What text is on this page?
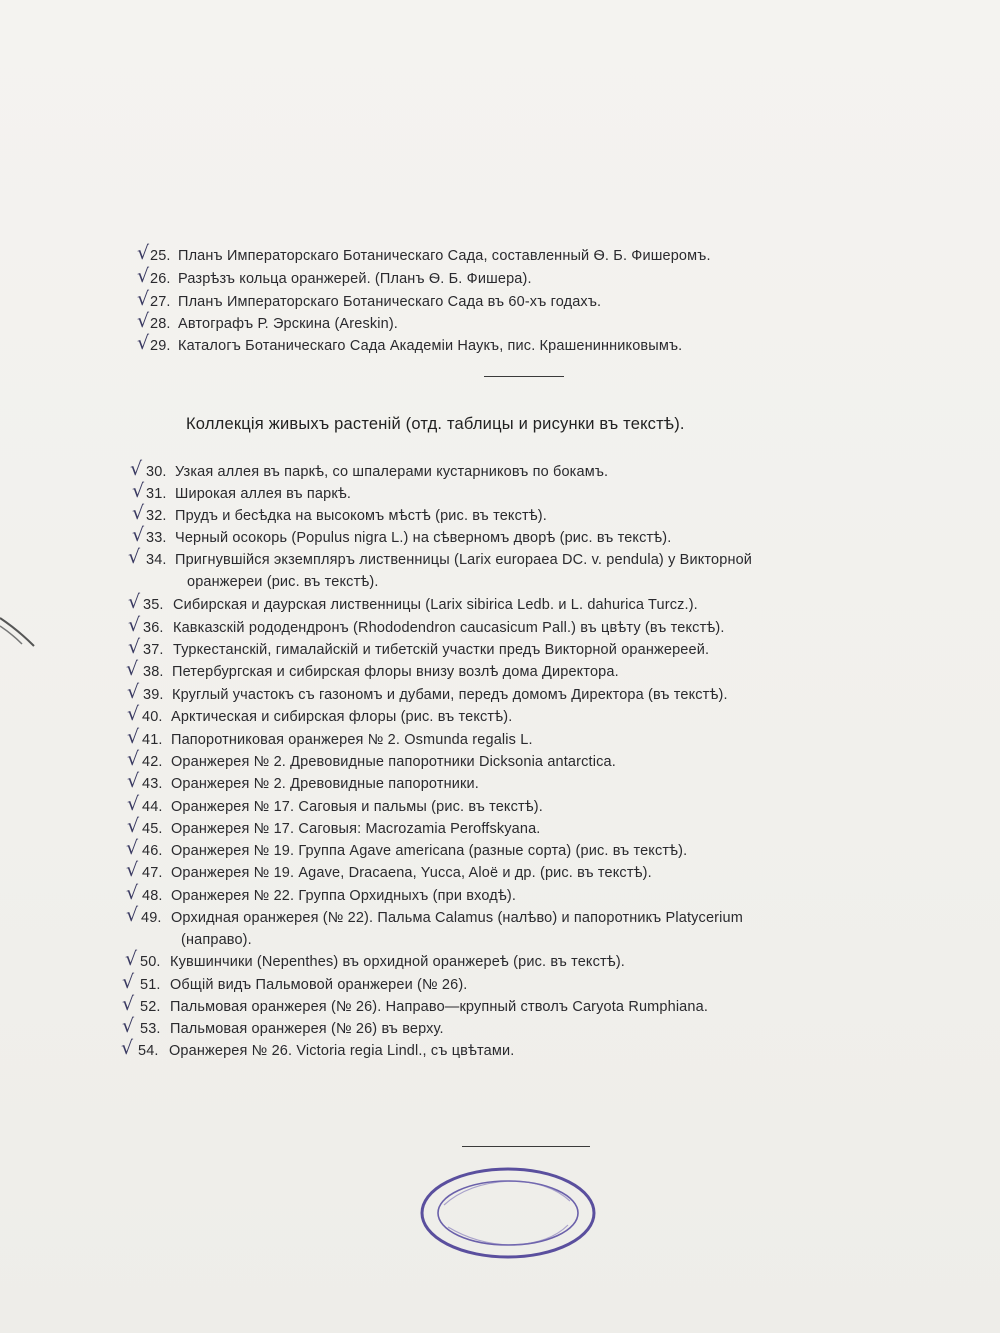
√ 25. Планъ Императорскаго Ботаническаго Сада, составленный Ѳ. Б. Фишеромъ.
√ 26. Разрѣзъ кольца оранжерей. (Планъ Ѳ. Б. Фишера).
√ 27. Планъ Императорскаго Ботаническаго Сада въ 60-хъ годахъ.
√ 28. Автографъ Р. Эрскина (Areskin).
√ 29. Каталогъ Ботаническаго Сада Академіи Наукъ, пис. Крашенинниковымъ.
Коллекція живыхъ растеній (отд. таблицы и рисунки въ текстѣ).
√ 30. Узкая аллея въ паркѣ, со шпалерами кустарниковъ по бокамъ.
√ 31. Широкая аллея въ паркѣ.
√ 32. Прудъ и бесѣдка на высокомъ мѣстѣ (рис. въ текстѣ).
√ 33. Черный осокорь (Populus nigra L.) на сѣверномъ дворѣ (рис. въ текстѣ).
√ 34. Пригнувшійся экземпляръ лиственницы (Larix europaea DC. v. pendula) у Викторной
оранжереи (рис. въ текстѣ).
√ 35. Сибирская и даурская лиственницы (Larix sibirica Ledb. и L. dahurica Turcz.).
√ 36. Кавказскій рододендронъ (Rhododendron caucasicum Pall.) въ цвѣту (въ текстѣ).
√ 37. Туркестанскій, гималайскій и тибетскій участки предъ Викторной оранжереей.
√ 38. Петербургская и сибирская флоры внизу возлѣ дома Директора.
√ 39. Круглый участокъ съ газономъ и дубами, передъ домомъ Директора (въ текстѣ).
√ 40. Арктическая и сибирская флоры (рис. въ текстѣ).
√ 41. Папоротниковая оранжерея № 2. Osmunda regalis L.
√ 42. Оранжерея № 2. Древовидные папоротники Dicksonia antarctica.
√ 43. Оранжерея № 2. Древовидные папоротники.
√ 44. Оранжерея № 17. Саговыя и пальмы (рис. въ текстѣ).
√ 45. Оранжерея № 17. Саговыя: Macrozamia Peroffskyana.
√ 46. Оранжерея № 19. Группа Agave americana (разные сорта) (рис. въ текстѣ).
√ 47. Оранжерея № 19. Agave, Dracaena, Yucca, Aloё и др. (рис. въ текстѣ).
√ 48. Оранжерея № 22. Группа Орхидныхъ (при входѣ).
√ 49. Орхидная оранжерея (№ 22). Пальма Calamus (налѣво) и папоротникъ Platycerium
(направо).
√ 50. Кувшинчики (Nepenthes) въ орхидной оранжереѣ (рис. въ текстѣ).
√ 51. Общій видъ Пальмовой оранжереи (№ 26).
√ 52. Пальмовая оранжерея (№ 26). Направо—крупный стволъ Caryota Rumphiana.
√ 53. Пальмовая оранжерея (№ 26) въ верху.
√ 54. Оранжерея № 26. Victoria regia Lindl., съ цвѣтами.
